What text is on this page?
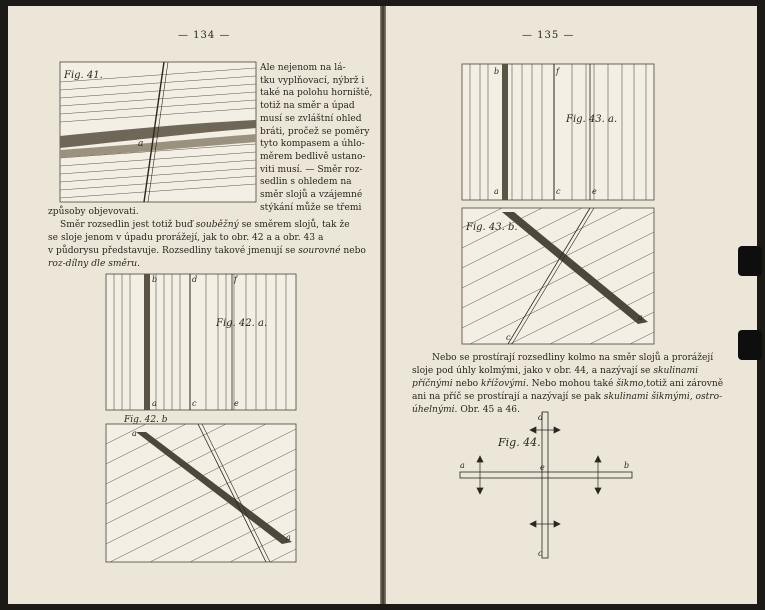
— 134 —
Fig. 41.
a
Ale nejenom na lá-
tku vyplňovací, nýbrž i
také na polohu horniště,
totiž na směr a úpad
musí se zvláštní ohled
bráti, pročež se poměry
tyto kompasem a úhlo-
měrem bedlivě ustano-
viti musí. — Směr roz-
sedlin s ohledem na
směr slojů a vzájemné
stýkání může se třemi
způsoby objevovati.
Směr rozsedlin jest totiž buď souběžný se směrem slojů, tak že
se sloje jenom v úpadu prorážejí, jak to obr. 42 a a obr. 43 a
v půdorysu představuje. Rozsedliny takové jmenují se sourovné nebo
roz-dílny dle směru.
Fig. 42. a.
b	d	f
a	c	e
Fig. 42. b
a
a
— 135 —
Fig. 43. a.
b	f
a	c	e
Fig. 43. b.
a
c
Nebo se prostírají rozsedliny kolmo na směr slojů a prorážejí
sloje pod úhly kolmými, jako v obr. 44, a nazývají se skulinami
příčnými nebo křížovými. Nebo mohou také šikmo,totiž ani zárovně
ani na příč se prostírají a nazývají se pak skulinami šikmými, ostro-
úhelnými. Obr. 45 a 46.
Fig. 44.
d
a	e	b
c
